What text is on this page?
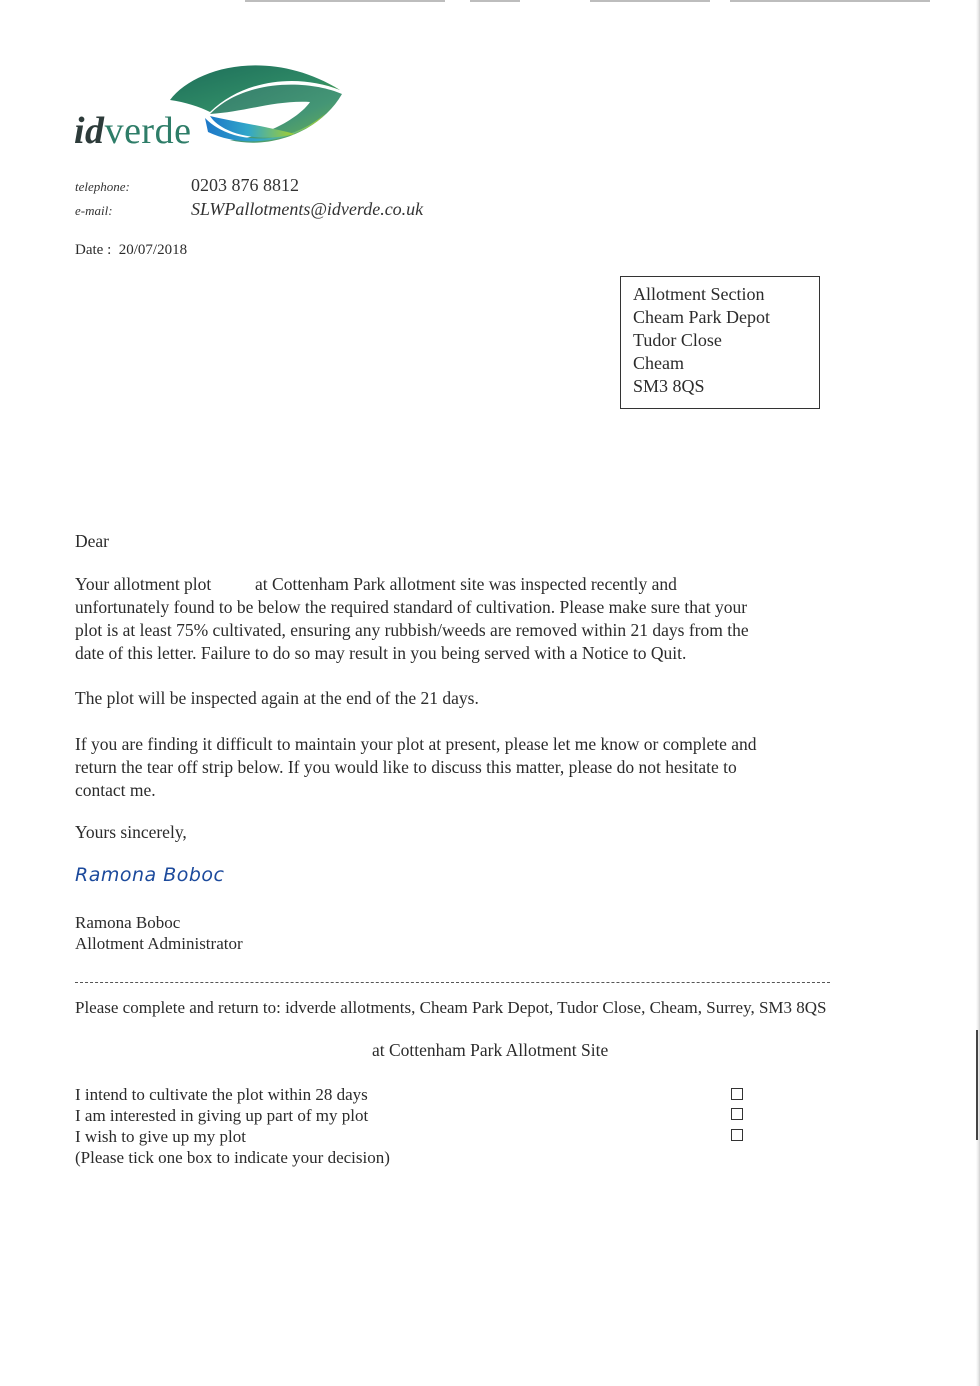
idverde
telephone:	0203 876 8812
e-mail:	SLWPallotments@idverde.co.uk
Date : 20/07/2018
Allotment Section
Cheam Park Depot
Tudor Close
Cheam
SM3 8QS
Dear
Your allotment plot          at Cottenham Park allotment site was inspected recently and
unfortunately found to be below the required standard of cultivation. Please make sure that your
plot is at least 75% cultivated, ensuring any rubbish/weeds are removed within 21 days from the
date of this letter. Failure to do so may result in you being served with a Notice to Quit.
The plot will be inspected again at the end of the 21 days.
If you are finding it difficult to maintain your plot at present, please let me know or complete and
return the tear off strip below. If you would like to discuss this matter, please do not hesitate to
contact me.
Yours sincerely,
Ramona Boboc
Ramona Boboc
Allotment Administrator
Please complete and return to: idverde allotments, Cheam Park Depot, Tudor Close, Cheam, Surrey, SM3 8QS
at Cottenham Park Allotment Site
I intend to cultivate the plot within 28 days
I am interested in giving up part of my plot
I wish to give up my plot
(Please tick one box to indicate your decision)
